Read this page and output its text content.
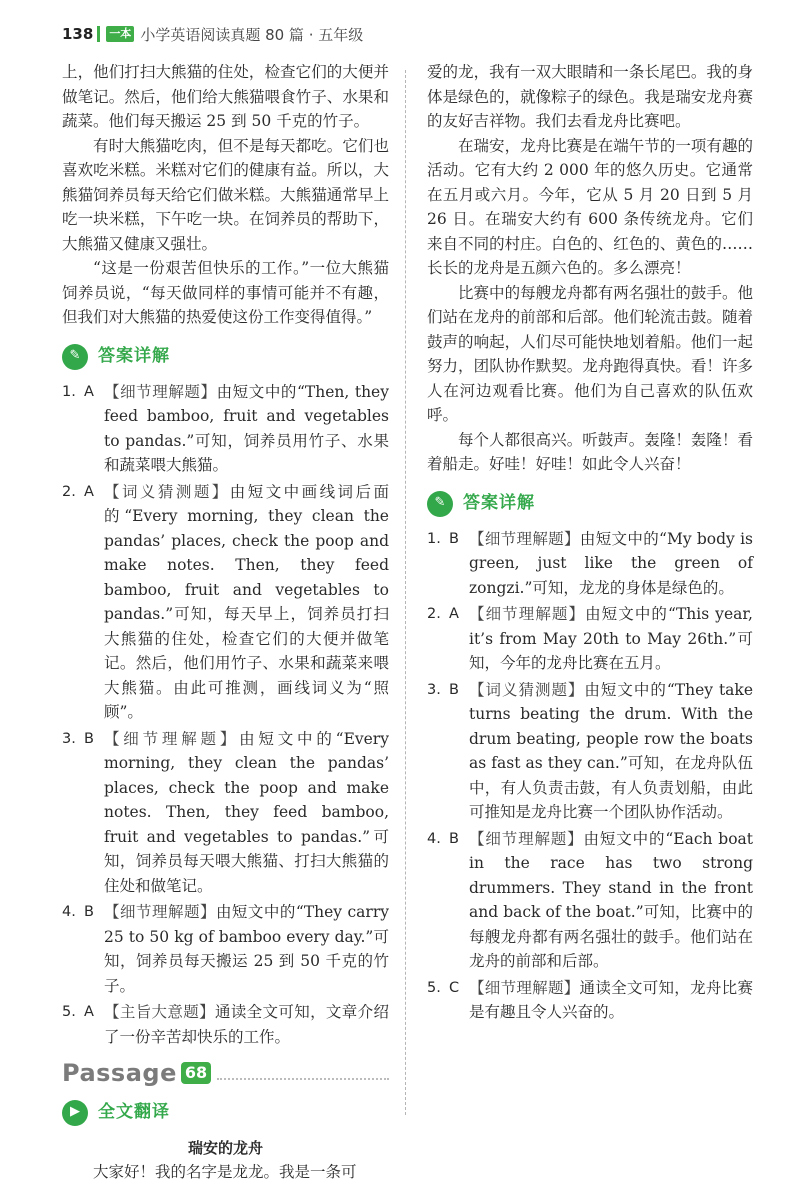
138 一本 小学英语阅读真题 80 篇 · 五年级

上，他们打扫大熊猫的住处，检查它们的大便并做笔记。然后，他们给大熊猫喂食竹子、水果和蔬菜。他们每天搬运 25 到 50 千克的竹子。

有时大熊猫吃肉，但不是每天都吃。它们也喜欢吃米糕。米糕对它们的健康有益。所以，大熊猫饲养员每天给它们做米糕。大熊猫通常早上吃一块米糕，下午吃一块。在饲养员的帮助下，大熊猫又健康又强壮。

“这是一份艰苦但快乐的工作。”一位大熊猫饲养员说，“每天做同样的事情可能并不有趣，但我们对大熊猫的热爱使这份工作变得值得。”

✎	答案详解
1. A 【细节理解题】由短文中的“Then, they feed bamboo, fruit and vegetables to pandas.”可知，饲养员用竹子、水果和蔬菜喂大熊猫。
2. A 【词义猜测题】由短文中画线词后面的“Every morning, they clean the pandas’ places, check the poop and make notes. Then, they feed bamboo, fruit and vegetables to pandas.”可知，每天早上，饲养员打扫大熊猫的住处，检查它们的大便并做笔记。然后，他们用竹子、水果和蔬菜来喂大熊猫。由此可推测，画线词义为“照顾”。
3. B 【细节理解题】由短文中的“Every morning, they clean the pandas’ places, check the poop and make notes. Then, they feed bamboo, fruit and vegetables to pandas.”可知，饲养员每天喂大熊猫、打扫大熊猫的住处和做笔记。
4. B 【细节理解题】由短文中的“They carry 25 to 50 kg of bamboo every day.”可知，饲养员每天搬运 25 到 50 千克的竹子。
5. A 【主旨大意题】通读全文可知，文章介绍了一份辛苦却快乐的工作。
Passage 68
▶	全文翻译

瑞安的龙舟

大家好！我的名字是龙龙。我是一条可

爱的龙，我有一双大眼睛和一条长尾巴。我的身体是绿色的，就像粽子的绿色。我是瑞安龙舟赛的友好吉祥物。我们去看龙舟比赛吧。

在瑞安，龙舟比赛是在端午节的一项有趣的活动。它有大约 2 000 年的悠久历史。它通常在五月或六月。今年，它从 5 月 20 日到 5 月 26 日。在瑞安大约有 600 条传统龙舟。它们来自不同的村庄。白色的、红色的、黄色的……长长的龙舟是五颜六色的。多么漂亮！

比赛中的每艘龙舟都有两名强壮的鼓手。他们站在龙舟的前部和后部。他们轮流击鼓。随着鼓声的响起，人们尽可能快地划着船。他们一起努力，团队协作默契。龙舟跑得真快。看！许多人在河边观看比赛。他们为自己喜欢的队伍欢呼。

每个人都很高兴。听鼓声。轰隆！轰隆！看着船走。好哇！好哇！如此令人兴奋！

✎	答案详解
1. B 【细节理解题】由短文中的“My body is green, just like the green of zongzi.”可知，龙龙的身体是绿色的。
2. A 【细节理解题】由短文中的“This year, it’s from May 20th to May 26th.”可知，今年的龙舟比赛在五月。
3. B 【词义猜测题】由短文中的“They take turns beating the drum. With the drum beating, people row the boats as fast as they can.”可知，在龙舟队伍中，有人负责击鼓，有人负责划船，由此可推知是龙舟比赛一个团队协作活动。
4. B 【细节理解题】由短文中的“Each boat in the race has two strong drummers. They stand in the front and back of the boat.”可知，比赛中的每艘龙舟都有两名强壮的鼓手。他们站在龙舟的前部和后部。
5. C 【细节理解题】通读全文可知，龙舟比赛是有趣且令人兴奋的。
